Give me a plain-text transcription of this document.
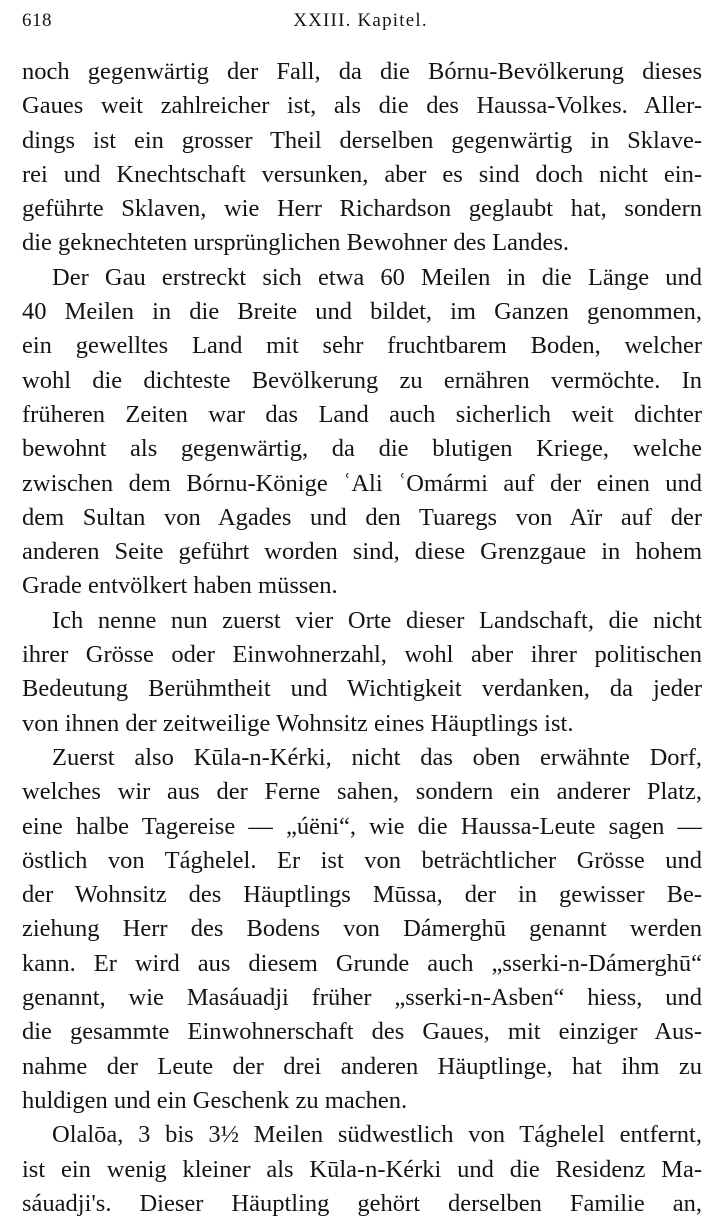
618	XXIII. Kapitel.
noch gegenwärtig der Fall, da die Bórnu-Bevölkerung dieses
Gaues weit zahlreicher ist, als die des Haussa-Volkes. Aller-
dings ist ein grosser Theil derselben gegenwärtig in Sklave-
rei und Knechtschaft versunken, aber es sind doch nicht ein-
geführte Sklaven, wie Herr Richardson geglaubt hat, sondern
die geknechteten ursprünglichen Bewohner des Landes.
Der Gau erstreckt sich etwa 60 Meilen in die Länge und
40 Meilen in die Breite und bildet, im Ganzen genommen,
ein gewelltes Land mit sehr fruchtbarem Boden, welcher
wohl die dichteste Bevölkerung zu ernähren vermöchte. In
früheren Zeiten war das Land auch sicherlich weit dichter
bewohnt als gegenwärtig, da die blutigen Kriege, welche
zwischen dem Bórnu-Könige ʿAli ʿOmármi auf der einen und
dem Sultan von Agades und den Tuaregs von Aïr auf der
anderen Seite geführt worden sind, diese Grenzgaue in hohem
Grade entvölkert haben müssen.
Ich nenne nun zuerst vier Orte dieser Landschaft, die nicht
ihrer Grösse oder Einwohnerzahl, wohl aber ihrer politischen
Bedeutung Berühmtheit und Wichtigkeit verdanken, da jeder
von ihnen der zeitweilige Wohnsitz eines Häuptlings ist.
Zuerst also Kūla-n-Kérki, nicht das oben erwähnte Dorf,
welches wir aus der Ferne sahen, sondern ein anderer Platz,
eine halbe Tagereise — „úëni“, wie die Haussa-Leute sagen —
östlich von Tághelel. Er ist von beträchtlicher Grösse und
der Wohnsitz des Häuptlings Mūssa, der in gewisser Be-
ziehung Herr des Bodens von Dámerghū genannt werden
kann. Er wird aus diesem Grunde auch „sserki-n-Dámerghū“
genannt, wie Masáuadji früher „sserki-n-Asben“ hiess, und
die gesammte Einwohnerschaft des Gaues, mit einziger Aus-
nahme der Leute der drei anderen Häuptlinge, hat ihm zu
huldigen und ein Geschenk zu machen.
Olalōa, 3 bis 3½ Meilen südwestlich von Tághelel entfernt,
ist ein wenig kleiner als Kūla-n-Kérki und die Residenz Ma-
sáuadji's. Dieser Häuptling gehört derselben Familie an,
